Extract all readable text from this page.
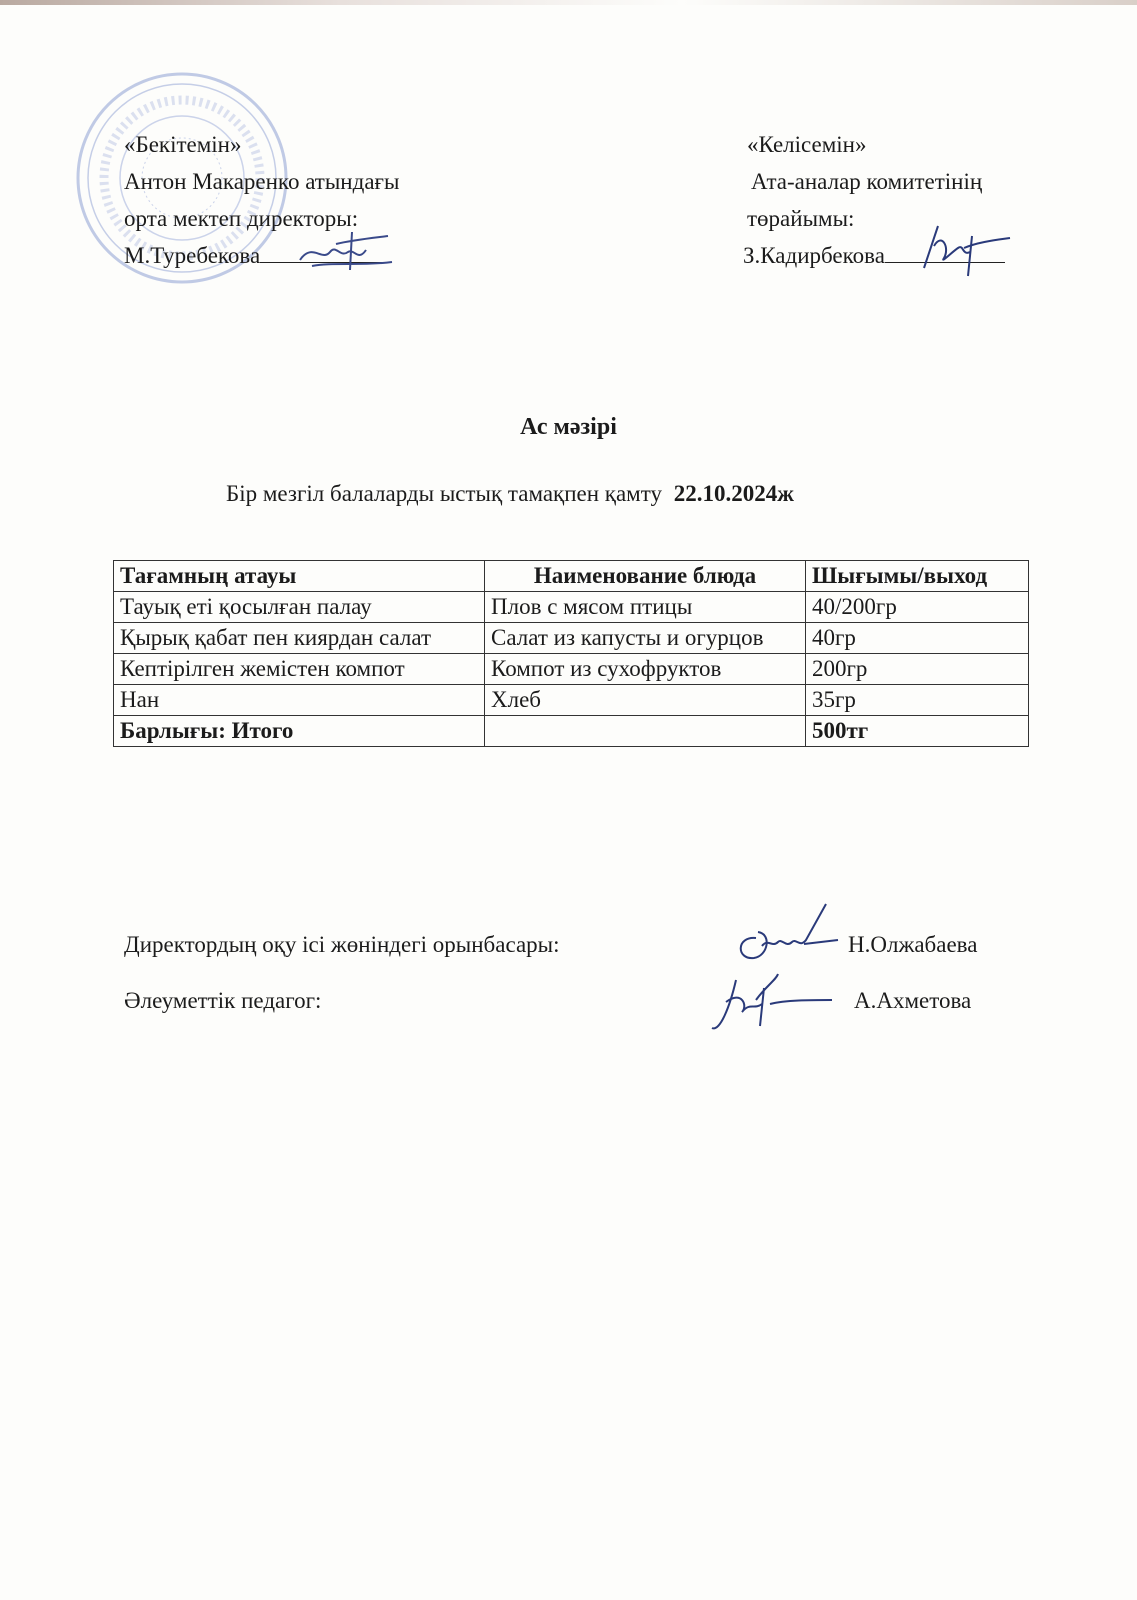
«Бекітемін»
Антон Макаренко атындағы
орта мектеп директоры:
М.Туребекова
«Келісемін»
Ата-аналар комитетінің
төрайымы:
З.Кадирбекова
Ас мәзірі
Бір мезгіл балаларды ыстық тамақпен қамту 22.10.2024ж
Тағамның атауы	Наименование блюда	Шығымы/выход
Тауық еті қосылған палау	Плов с мясом птицы	40/200гр
Қырық қабат пен киярдан салат	Салат из капусты и огурцов	40гр
Кептірілген жемістен компот	Компот из сухофруктов	200гр
Нан	Хлеб	35гр
Барлығы: Итого		500тг
Директордың оқу ісі жөніндегі орынбасары:	Н.Олжабаева
Әлеуметтік педагог:	А.Ахметова
